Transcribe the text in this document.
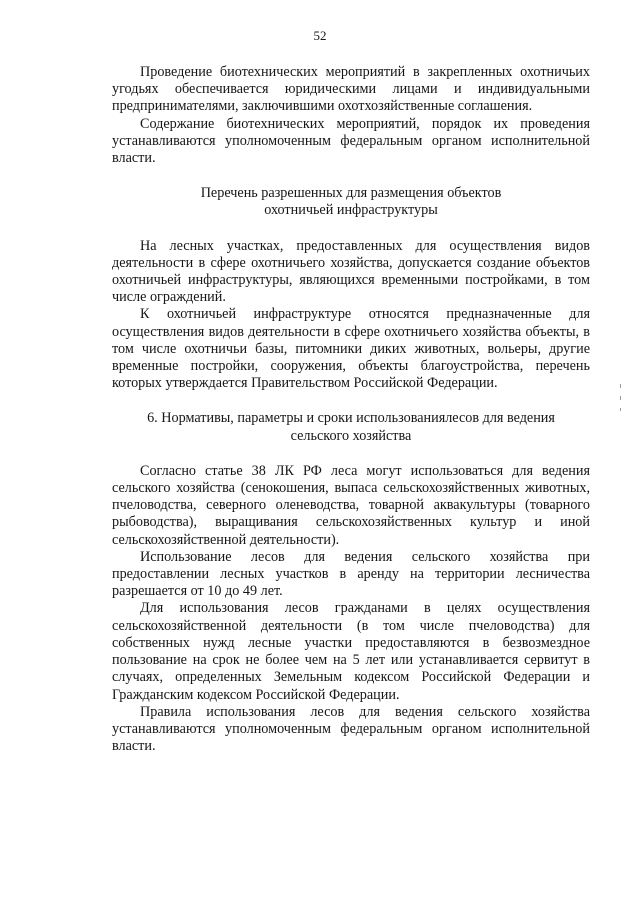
52

Проведение биотехнических мероприятий в закрепленных охотничьих угодьях обеспечивается юридическими лицами и индивидуальными предпринимателями, заключившими охотхозяйственные соглашения.

Содержание биотехнических мероприятий, порядок их проведения устанавливаются уполномоченным федеральным органом исполнительной власти.

Перечень разрешенных для размещения объектов
охотничьей инфраструктуры

На лесных участках, предоставленных для осуществления видов деятельности в сфере охотничьего хозяйства, допускается создание объектов охотничьей инфраструктуры, являющихся временными постройками, в том числе ограждений.

К охотничьей инфраструктуре относятся предназначенные для осуществления видов деятельности в сфере охотничьего хозяйства объекты, в том числе охотничьи базы, питомники диких животных, вольеры, другие временные постройки, сооружения, объекты благоустройства, перечень которых утверждается Правительством Российской Федерации.

6. Нормативы, параметры и сроки использованиялесов для ведения
сельского хозяйства

Согласно статье 38 ЛК РФ леса могут использоваться для ведения сельского хозяйства (сенокошения, выпаса сельскохозяйственных животных, пчеловодства, северного оленеводства, товарной аквакультуры (товарного рыбоводства), выращивания сельскохозяйственных культур и иной сельскохозяйственной деятельности).

Использование лесов для ведения сельского хозяйства при предоставлении лесных участков в аренду на территории лесничества разрешается от 10 до 49 лет.

Для использования лесов гражданами в целях осуществления сельскохозяйственной деятельности (в том числе пчеловодства) для собственных нужд лесные участки предоставляются в безвозмездное пользование на срок не более чем на 5 лет или устанавливается сервитут в случаях, определенных Земельным кодексом Российской Федерации и Гражданским кодексом Российской Федерации.

Правила использования лесов для ведения сельского хозяйства устанавливаются уполномоченным федеральным органом исполнительной власти.
